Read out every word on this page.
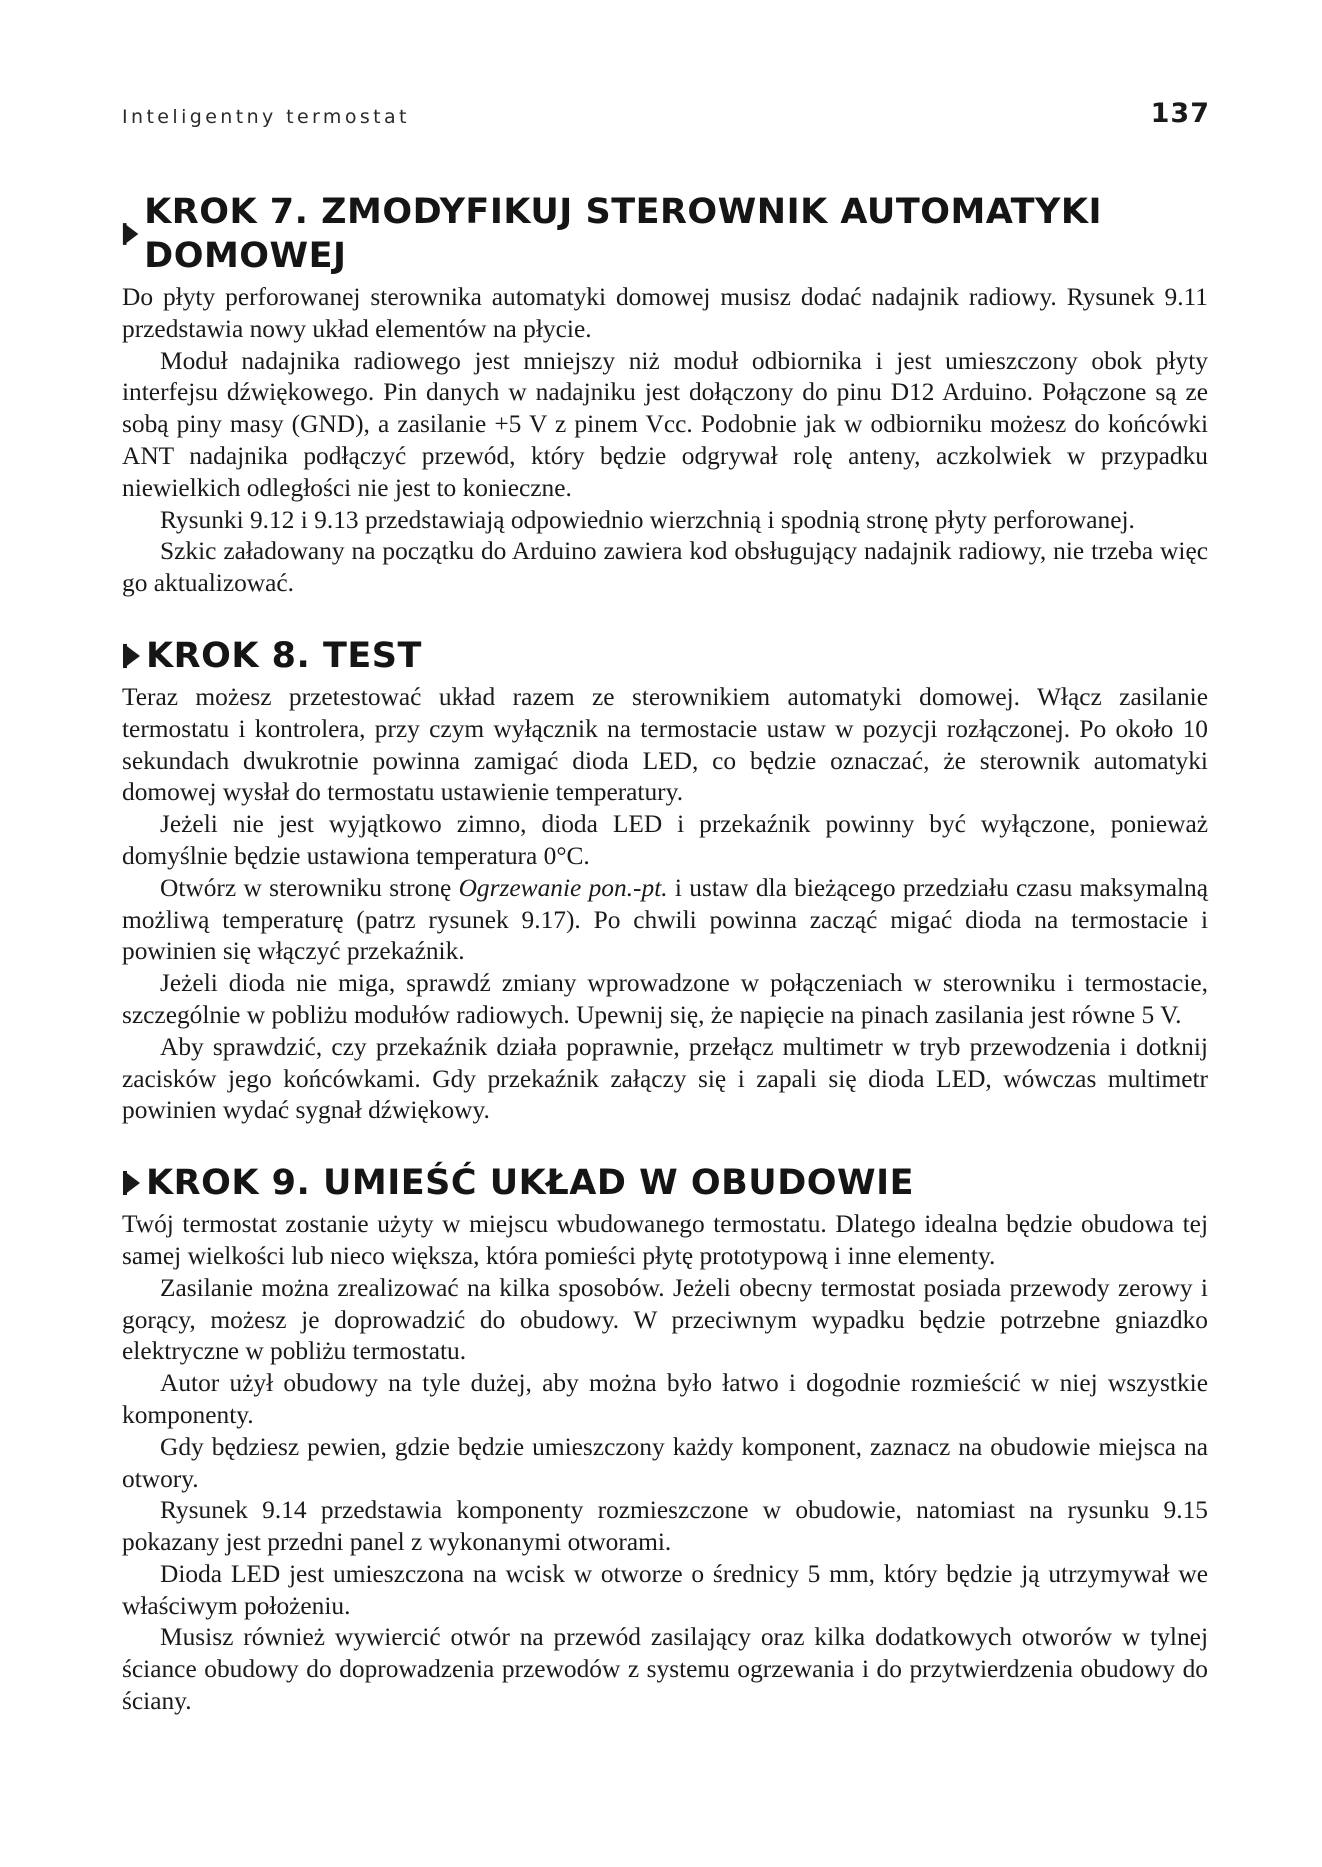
Inteligentny termostat	137
KROK 7. ZMODYFIKUJ STEROWNIK AUTOMATYKI DOMOWEJ

Do płyty perforowanej sterownika automatyki domowej musisz dodać nadajnik radiowy. Rysunek 9.11 przedstawia nowy układ elementów na płycie.

Moduł nadajnika radiowego jest mniejszy niż moduł odbiornika i jest umieszczony obok płyty interfejsu dźwiękowego. Pin danych w nadajniku jest dołączony do pinu D12 Arduino. Połączone są ze sobą piny masy (GND), a zasilanie +5 V z pinem Vcc. Podobnie jak w odbiorniku możesz do końcówki ANT nadajnika podłączyć przewód, który będzie odgrywał rolę anteny, aczkolwiek w przypadku niewielkich odległości nie jest to konieczne.

Rysunki 9.12 i 9.13 przedstawiają odpowiednio wierzchnią i spodnią stronę płyty perforowanej.

Szkic załadowany na początku do Arduino zawiera kod obsługujący nadajnik radiowy, nie trzeba więc go aktualizować.

KROK 8. TEST

Teraz możesz przetestować układ razem ze sterownikiem automatyki domowej. Włącz zasilanie termostatu i kontrolera, przy czym wyłącznik na termostacie ustaw w pozycji rozłączonej. Po około 10 sekundach dwukrotnie powinna zamigać dioda LED, co będzie oznaczać, że sterownik automatyki domowej wysłał do termostatu ustawienie temperatury.

Jeżeli nie jest wyjątkowo zimno, dioda LED i przekaźnik powinny być wyłączone, ponieważ domyślnie będzie ustawiona temperatura 0°C.

Otwórz w sterowniku stronę Ogrzewanie pon.-pt. i ustaw dla bieżącego przedziału czasu maksymalną możliwą temperaturę (patrz rysunek 9.17). Po chwili powinna zacząć migać dioda na termostacie i powinien się włączyć przekaźnik.

Jeżeli dioda nie miga, sprawdź zmiany wprowadzone w połączeniach w sterowniku i termostacie, szczególnie w pobliżu modułów radiowych. Upewnij się, że napięcie na pinach zasilania jest równe 5 V.

Aby sprawdzić, czy przekaźnik działa poprawnie, przełącz multimetr w tryb przewodzenia i dotknij zacisków jego końcówkami. Gdy przekaźnik załączy się i zapali się dioda LED, wówczas multimetr powinien wydać sygnał dźwiękowy.

KROK 9. UMIEŚĆ UKŁAD W OBUDOWIE

Twój termostat zostanie użyty w miejscu wbudowanego termostatu. Dlatego idealna będzie obudowa tej samej wielkości lub nieco większa, która pomieści płytę prototypową i inne elementy.

Zasilanie można zrealizować na kilka sposobów. Jeżeli obecny termostat posiada przewody zerowy i gorący, możesz je doprowadzić do obudowy. W przeciwnym wypadku będzie potrzebne gniazdko elektryczne w pobliżu termostatu.

Autor użył obudowy na tyle dużej, aby można było łatwo i dogodnie rozmieścić w niej wszystkie komponenty.

Gdy będziesz pewien, gdzie będzie umieszczony każdy komponent, zaznacz na obudowie miejsca na otwory.

Rysunek 9.14 przedstawia komponenty rozmieszczone w obudowie, natomiast na rysunku 9.15 pokazany jest przedni panel z wykonanymi otworami.

Dioda LED jest umieszczona na wcisk w otworze o średnicy 5 mm, który będzie ją utrzymywał we właściwym położeniu.

Musisz również wywiercić otwór na przewód zasilający oraz kilka dodatkowych otworów w tylnej ściance obudowy do doprowadzenia przewodów z systemu ogrzewania i do przytwierdzenia obudowy do ściany.
